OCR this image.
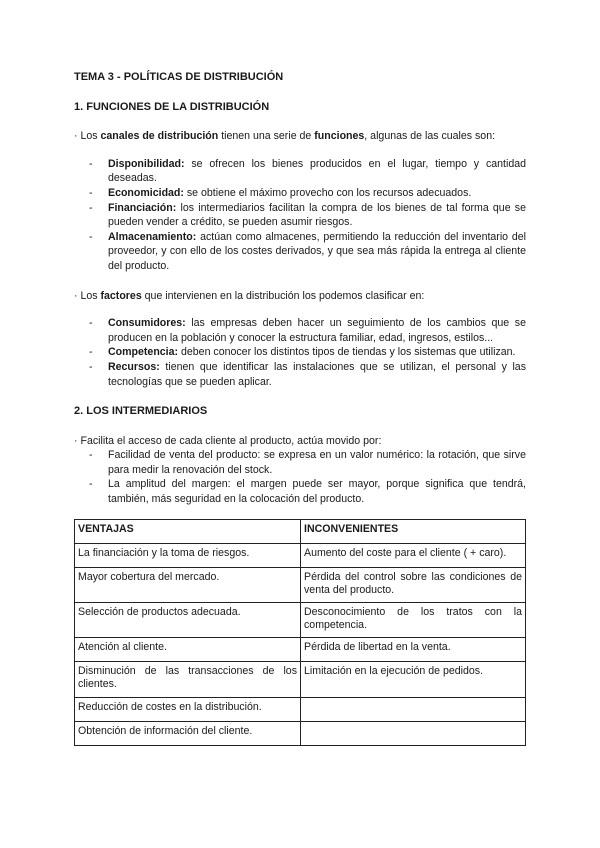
TEMA 3 - POLÍTICAS DE DISTRIBUCIÓN

1. FUNCIONES DE LA DISTRIBUCIÓN

· Los canales de distribución tienen una serie de funciones, algunas de las cuales son:

- Disponibilidad: se ofrecen los bienes producidos en el lugar, tiempo y cantidad deseadas.
- Economicidad: se obtiene el máximo provecho con los recursos adecuados.
- Financiación: los intermediarios facilitan la compra de los bienes de tal forma que se pueden vender a crédito, se pueden asumir riesgos.
- Almacenamiento: actúan como almacenes, permitiendo la reducción del inventario del proveedor, y con ello de los costes derivados, y que sea más rápida la entrega al cliente del producto.

· Los factores que intervienen en la distribución los podemos clasificar en:

- Consumidores: las empresas deben hacer un seguimiento de los cambios que se producen en la población y conocer la estructura familiar, edad, ingresos, estilos...
- Competencia: deben conocer los distintos tipos de tiendas y los sistemas que utilizan.
- Recursos: tienen que identificar las instalaciones que se utilizan, el personal y las tecnologías que se pueden aplicar.

2. LOS INTERMEDIARIOS

· Facilita el acceso de cada cliente al producto, actúa movido por:

- Facilidad de venta del producto: se expresa en un valor numérico: la rotación, que sirve para medir la renovación del stock.
- La amplitud del margen: el margen puede ser mayor, porque significa que tendrá, también, más seguridad en la colocación del producto.
VENTAJAS	INCONVENIENTES
La financiación y la toma de riesgos.	Aumento del coste para el cliente ( + caro).
Mayor cobertura del mercado.	Pérdida del control sobre las condiciones de venta del producto.
Selección de productos adecuada.	Desconocimiento de los tratos con la competencia.
Atención al cliente.	Pérdida de libertad en la venta.
Disminución de las transacciones de los clientes.	Limitación en la ejecución de pedidos.
Reducción de costes en la distribución.	
Obtención de información del cliente.	
